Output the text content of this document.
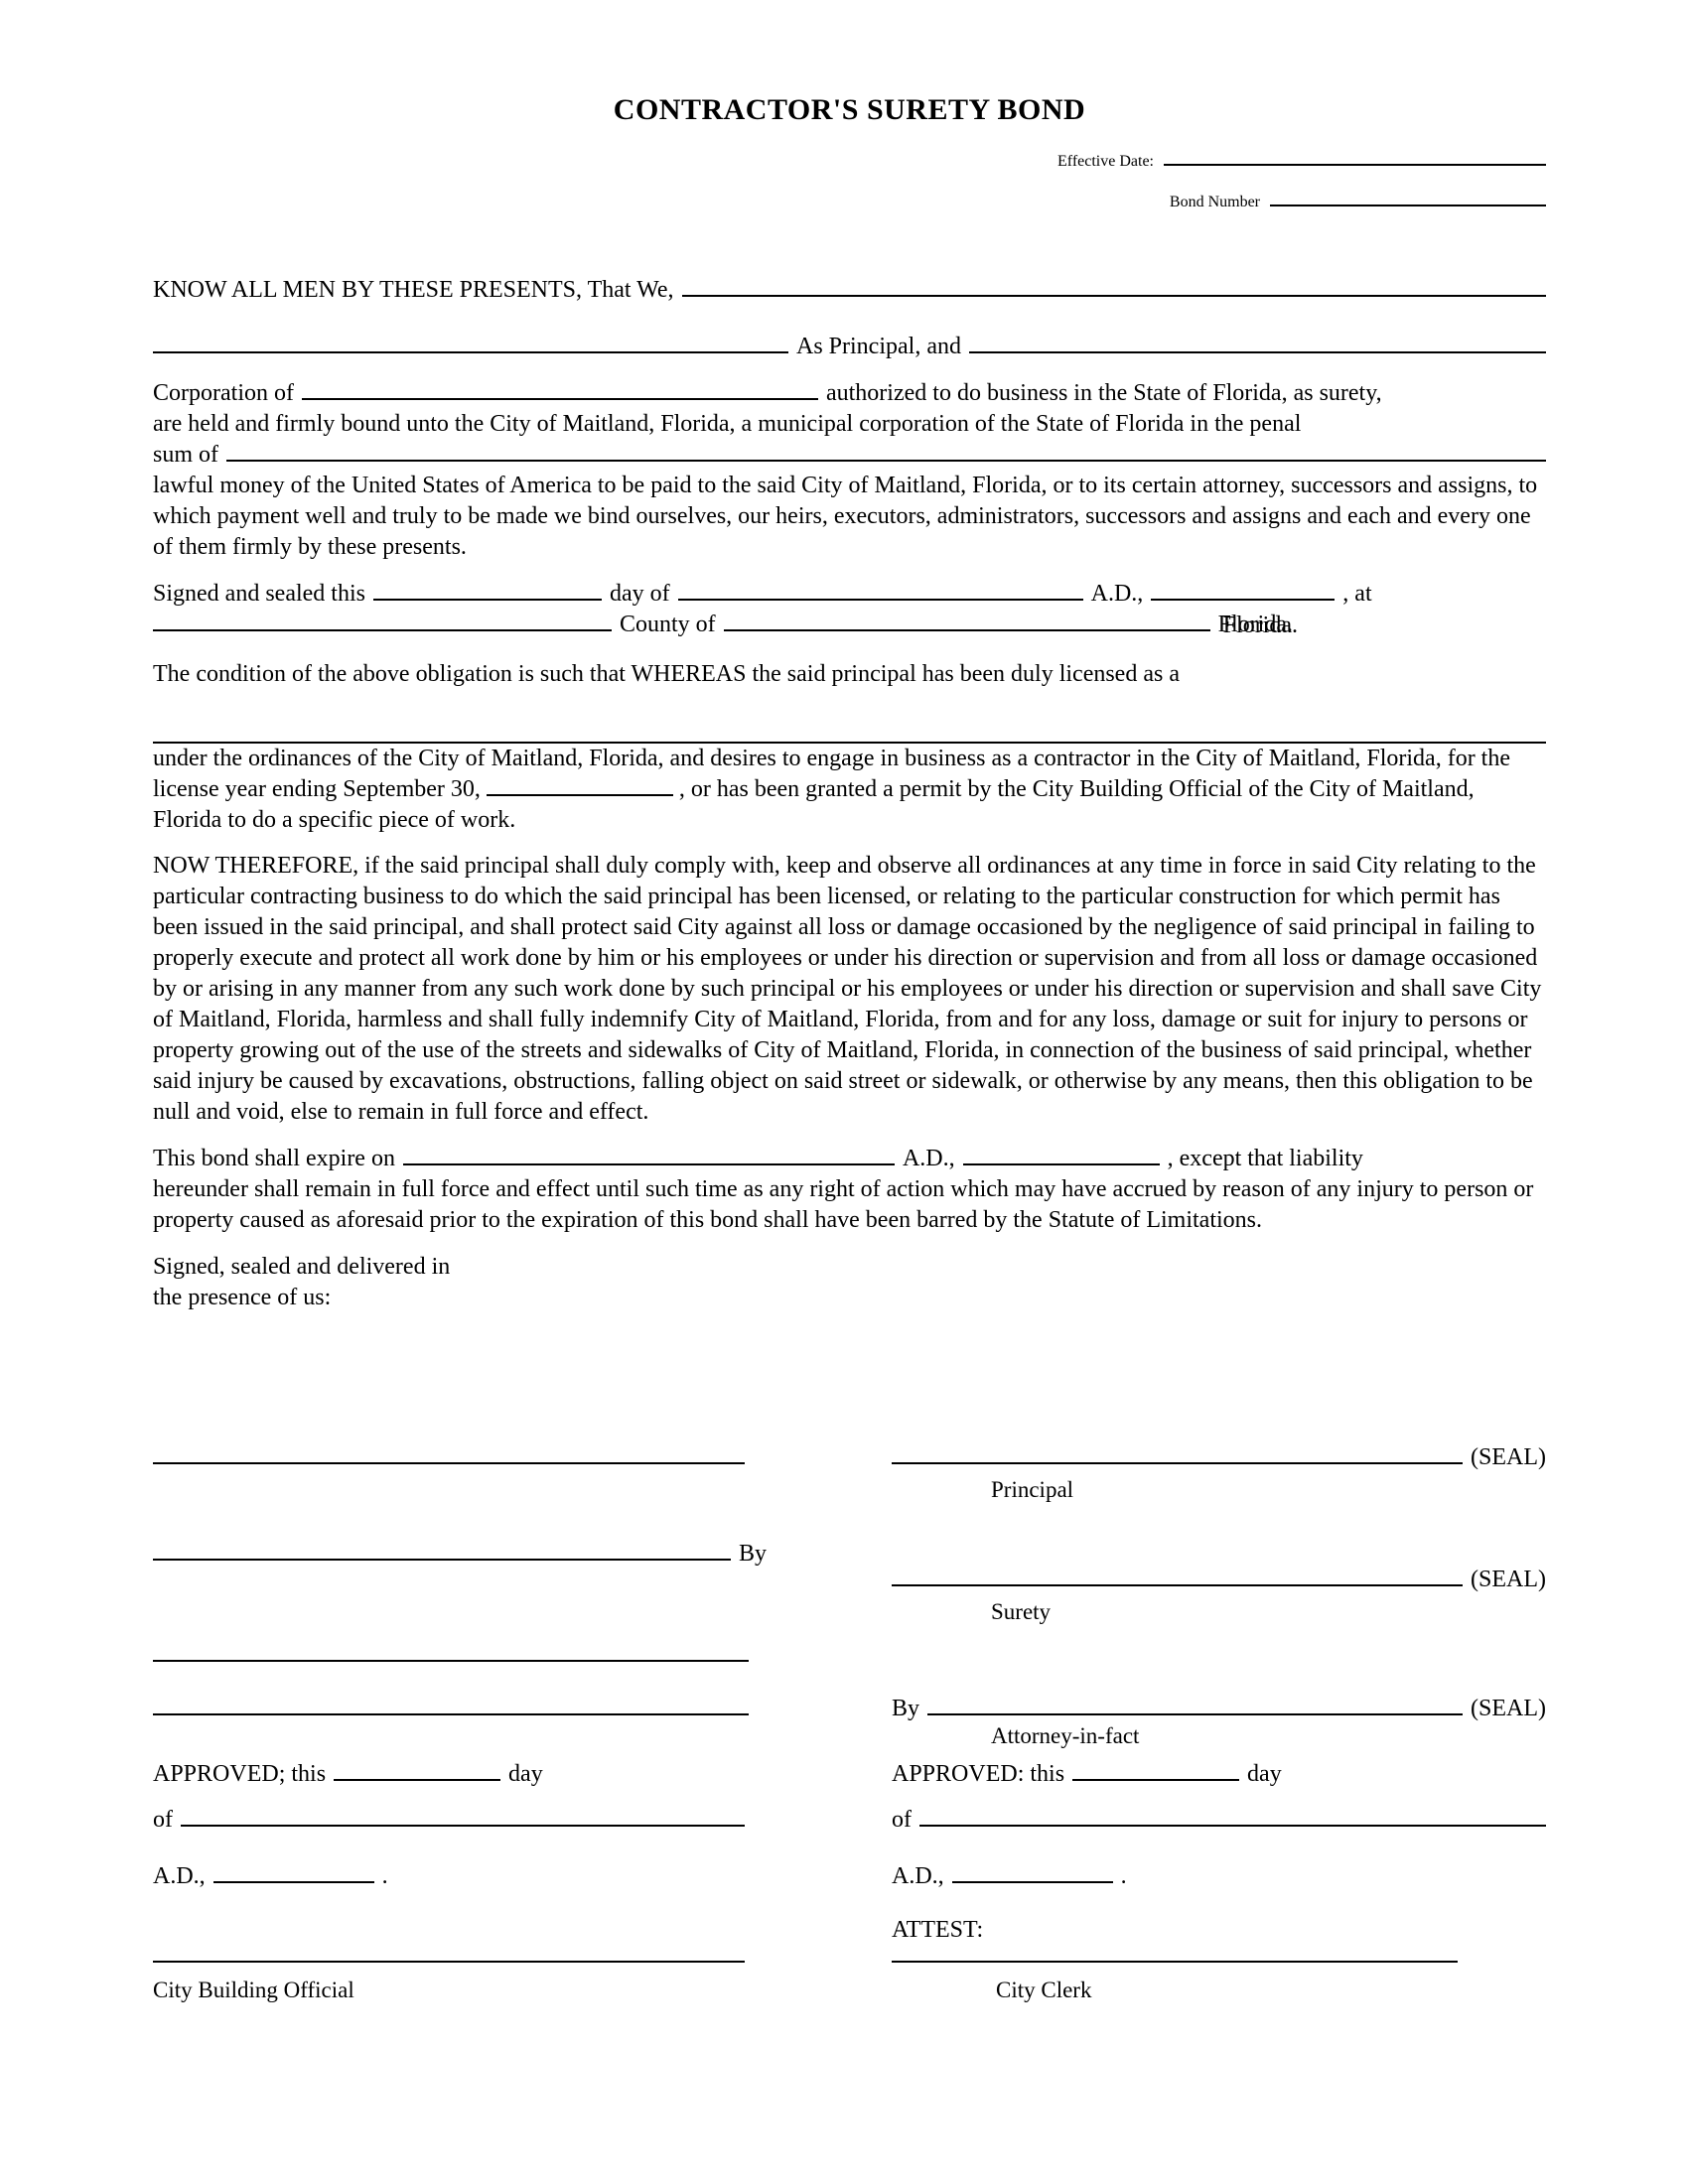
CONTRACTOR'S SURETY BOND
Effective Date:
Bond Number
KNOW ALL MEN BY THESE PRESENTS, That We,
As Principal, and
Corporation of	authorized to do business in the State of Florida, as surety,

are held and firmly bound unto the City of Maitland, Florida, a municipal corporation of the State of Florida in the penal

sum of

lawful money of the United States of America to be paid to the said City of Maitland, Florida, or to its certain attorney, successors and assigns, to which payment well and truly to be made we bind ourselves, our heirs, executors, administrators, successors and assigns and each and every one of them firmly by these presents.

Signed and sealed this	day of	A.D.,	, at
County of	Florida. Florida.

The condition of the above obligation is such that WHEREAS the said principal has been duly licensed as a

under the ordinances of the City of Maitland, Florida, and desires to engage in business as a contractor in the City of Maitland, Florida, for the license year ending September 30,	, or has been granted a permit by the City Building Official of the City of Maitland, Florida to do a specific piece of work.

NOW THEREFORE, if the said principal shall duly comply with, keep and observe all ordinances at any time in force in said City relating to the particular contracting business to do which the said principal has been licensed, or relating to the particular construction for which permit has been issued in the said principal, and shall protect said City against all loss or damage occasioned by the negligence of said principal in failing to properly execute and protect all work done by him or his employees or under his direction or supervision and from all loss or damage occasioned by or arising in any manner from any such work done by such principal or his employees or under his direction or supervision and shall save City of Maitland, Florida, harmless and shall fully indemnify City of Maitland, Florida, from and for any loss, damage or suit for injury to persons or property growing out of the use of the streets and sidewalks of City of Maitland, Florida, in connection of the business of said principal, whether said injury be caused by excavations, obstructions, falling object on said street or sidewalk, or otherwise by any means, then this obligation to be null and void, else to remain in full force and effect.

This bond shall expire on	A.D.,	, except that liability

hereunder shall remain in full force and effect until such time as any right of action which may have accrued by reason of any injury to person or property caused as aforesaid prior to the expiration of this bond shall have been barred by the Statute of Limitations.

Signed, sealed and delivered in

the presence of us:

(SEAL)
Principal
By
(SEAL)
Surety
By	(SEAL)
Attorney-in-fact
APPROVED; this	day	APPROVED: this	day
of	of
A.D.,	.	A.D.,	.
ATTEST:
City Building Official	City Clerk
